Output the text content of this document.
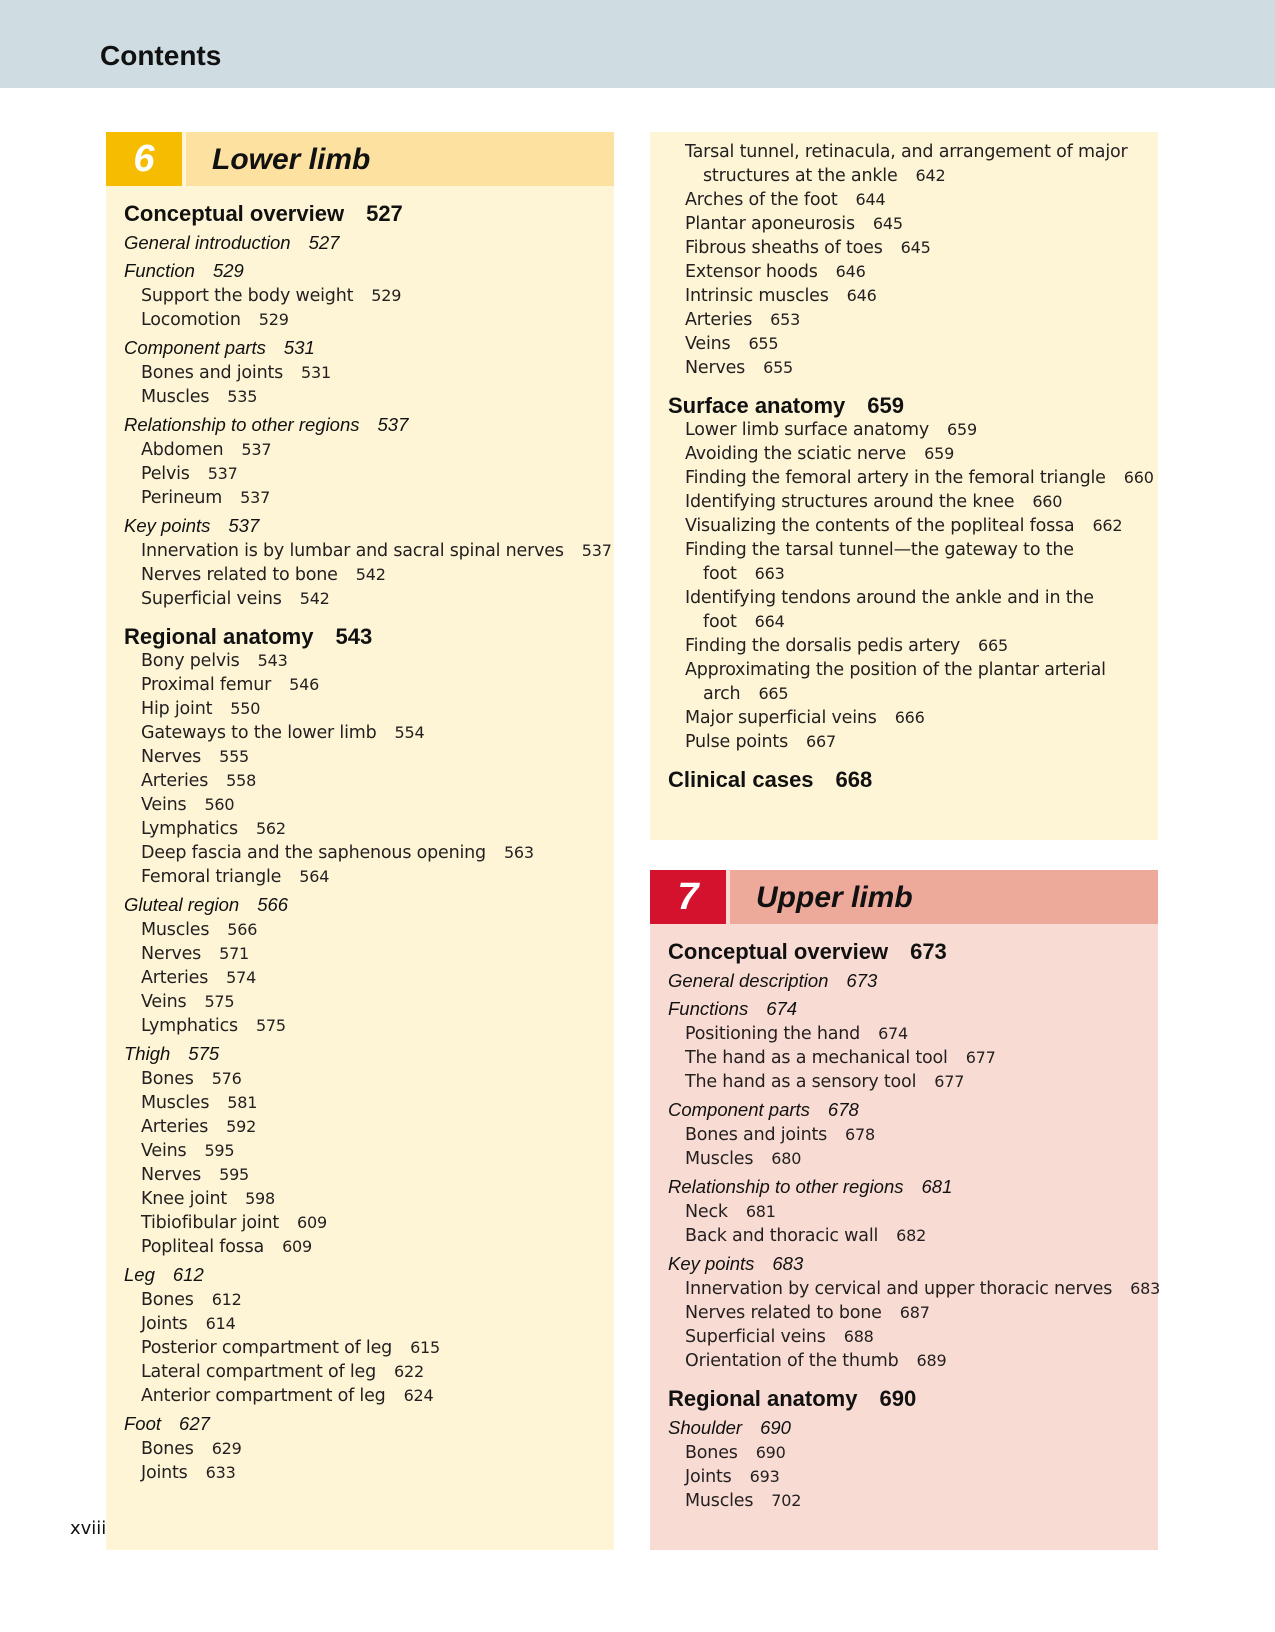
Contents
6	Lower limb
Conceptual overview 527
General introduction 527
Function 529
Support the body weight 529
Locomotion 529
Component parts 531
Bones and joints 531
Muscles 535
Relationship to other regions 537
Abdomen 537
Pelvis 537
Perineum 537
Key points 537
Innervation is by lumbar and sacral spinal nerves 537
Nerves related to bone 542
Superficial veins 542
Regional anatomy 543
Bony pelvis 543
Proximal femur 546
Hip joint 550
Gateways to the lower limb 554
Nerves 555
Arteries 558
Veins 560
Lymphatics 562
Deep fascia and the saphenous opening 563
Femoral triangle 564
Gluteal region 566
Muscles 566
Nerves 571
Arteries 574
Veins 575
Lymphatics 575
Thigh 575
Bones 576
Muscles 581
Arteries 592
Veins 595
Nerves 595
Knee joint 598
Tibiofibular joint 609
Popliteal fossa 609
Leg 612
Bones 612
Joints 614
Posterior compartment of leg 615
Lateral compartment of leg 622
Anterior compartment of leg 624
Foot 627
Bones 629
Joints 633
Tarsal tunnel, retinacula, and arrangement of major
structures at the ankle 642
Arches of the foot 644
Plantar aponeurosis 645
Fibrous sheaths of toes 645
Extensor hoods 646
Intrinsic muscles 646
Arteries 653
Veins 655
Nerves 655
Surface anatomy 659
Lower limb surface anatomy 659
Avoiding the sciatic nerve 659
Finding the femoral artery in the femoral triangle 660
Identifying structures around the knee 660
Visualizing the contents of the popliteal fossa 662
Finding the tarsal tunnel—the gateway to the
foot 663
Identifying tendons around the ankle and in the
foot 664
Finding the dorsalis pedis artery 665
Approximating the position of the plantar arterial
arch 665
Major superficial veins 666
Pulse points 667
Clinical cases 668
7	Upper limb
Conceptual overview 673
General description 673
Functions 674
Positioning the hand 674
The hand as a mechanical tool 677
The hand as a sensory tool 677
Component parts 678
Bones and joints 678
Muscles 680
Relationship to other regions 681
Neck 681
Back and thoracic wall 682
Key points 683
Innervation by cervical and upper thoracic nerves 683
Nerves related to bone 687
Superficial veins 688
Orientation of the thumb 689
Regional anatomy 690
Shoulder 690
Bones 690
Joints 693
Muscles 702
xviii
